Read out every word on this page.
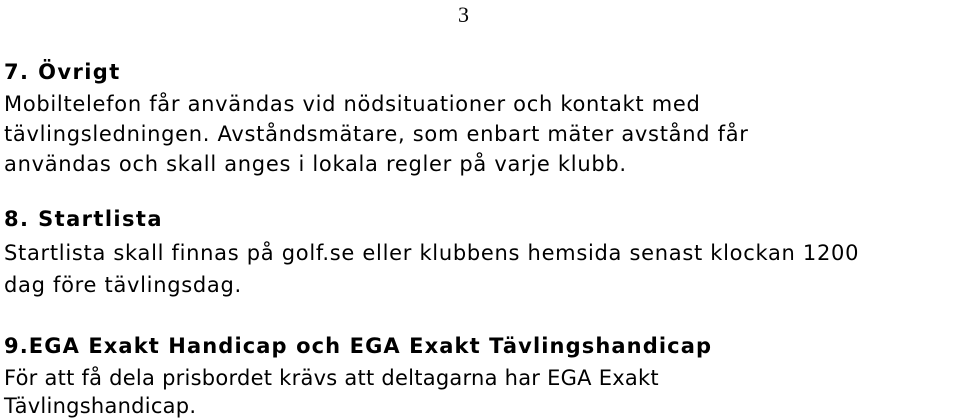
3
7. Övrigt
Mobiltelefon får användas vid nödsituationer och kontakt med
tävlingsledningen. Avståndsmätare, som enbart mäter avstånd får
användas och skall anges i lokala regler på varje klubb.
8. Startlista
Startlista skall finnas på golf.se eller klubbens hemsida senast klockan 1200
dag före tävlingsdag.
9.EGA Exakt Handicap och EGA Exakt Tävlingshandicap
För att få dela prisbordet krävs att deltagarna har EGA Exakt
Tävlingshandicap.
